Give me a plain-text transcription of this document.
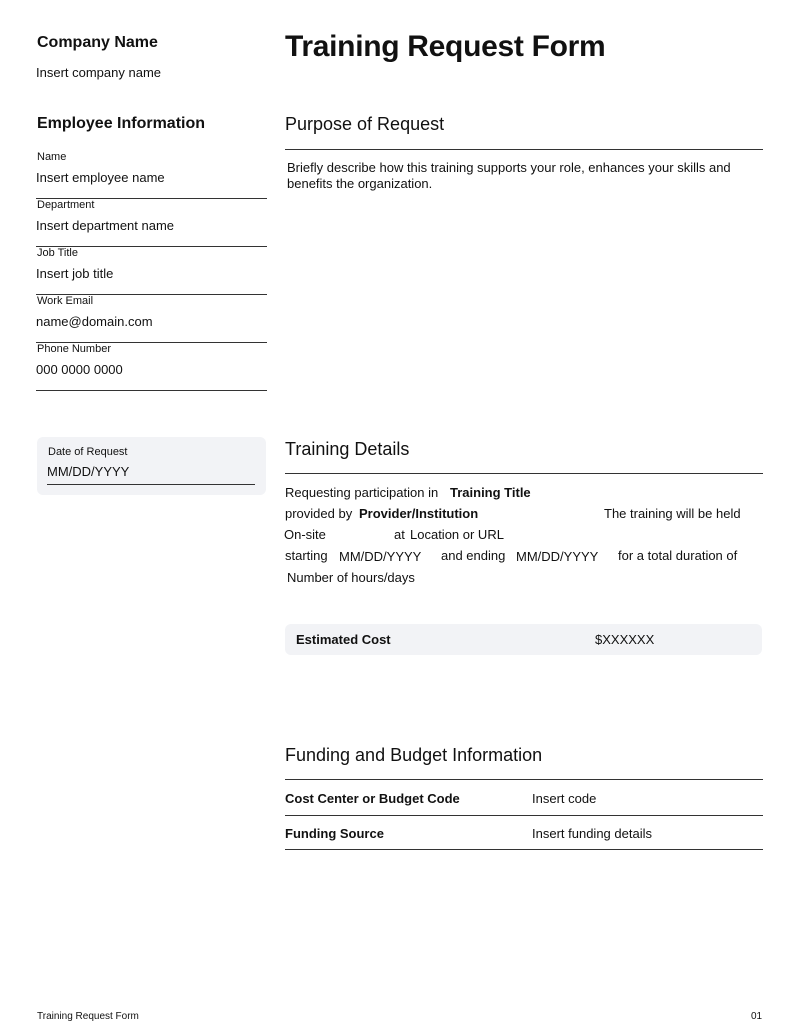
Company Name
Insert company name
Employee Information
Name
Insert employee name
Department
Insert department name
Job Title
Insert job title
Work Email
name@domain.com
Phone Number
000 0000 0000
Date of Request
MM/DD/YYYY
Training Request Form
Purpose of Request
Briefly describe how this training supports your role, enhances your skills and benefits the organization.
Training Details
Requesting participation in Training Title
provided by Provider/Institution	The training will be held
On-site	at Location or URL
starting MM/DD/YYYY and ending MM/DD/YYYY for a total duration of
Number of hours/days
Estimated Cost	$XXXXXX
Funding and Budget Information
Cost Center or Budget Code	Insert code
Funding Source	Insert funding details
Training Request Form	01
